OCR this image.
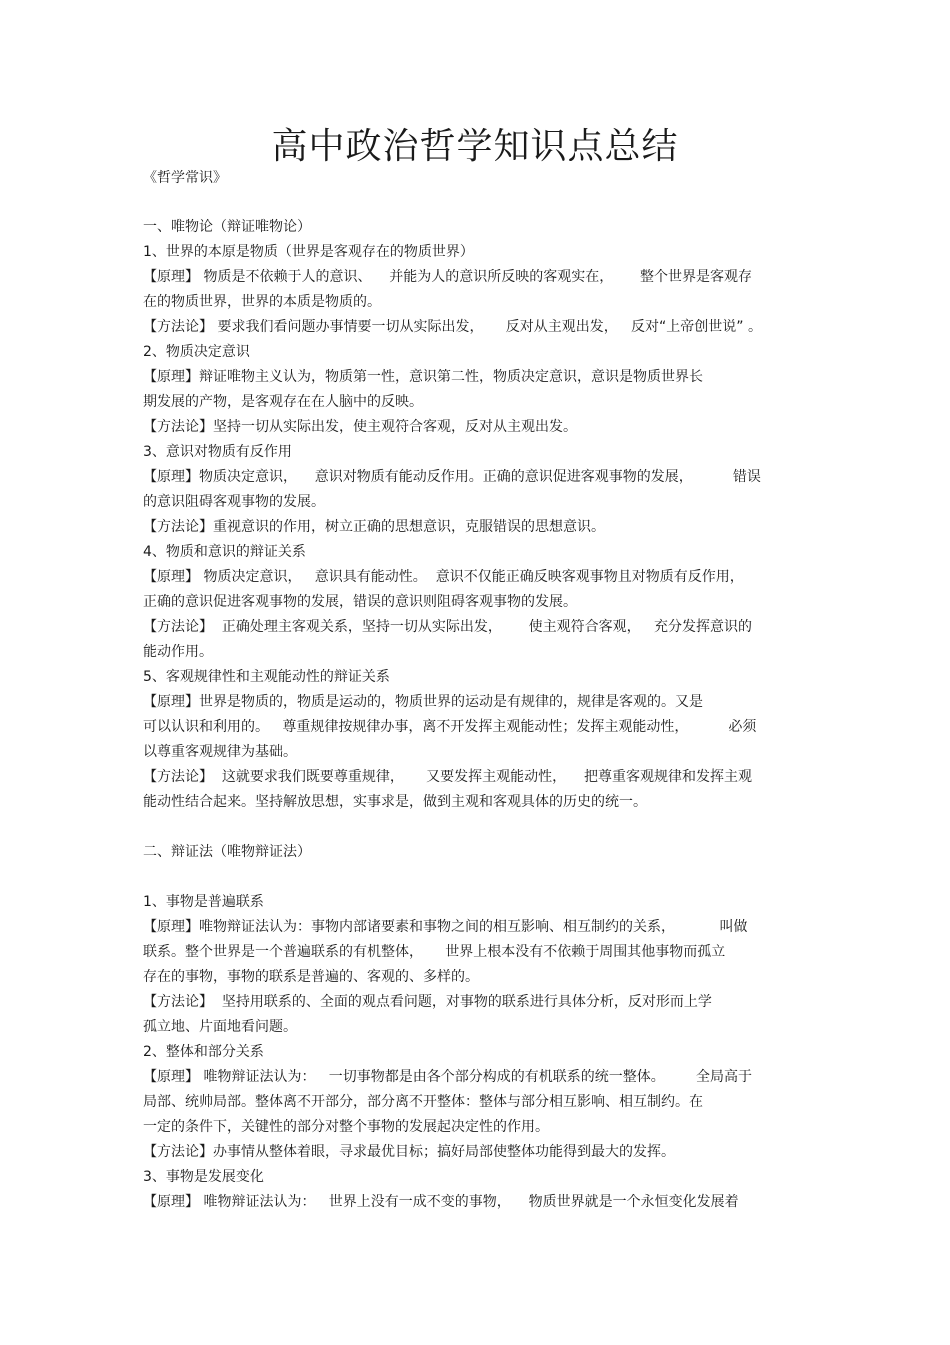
高中政治哲学知识点总结

《哲学常识》

一、唯物论（辩证唯物论）

1、世界的本原是物质（世界是客观存在的物质世界）

【原理】 物质是不依赖于人的意识、    并能为人的意识所反映的客观实在，      整个世界是客观存

在的物质世界，世界的本质是物质的。

【方法论】 要求我们看问题办事情要一切从实际出发，     反对从主观出发，   反对“上帝创世说” 。

2、物质决定意识

【原理】辩证唯物主义认为，物质第一性，意识第二性，物质决定意识，意识是物质世界长

期发展的产物，是客观存在在人脑中的反映。

【方法论】坚持一切从实际出发，使主观符合客观，反对从主观出发。

3、意识对物质有反作用

【原理】物质决定意识，    意识对物质有能动反作用。正确的意识促进客观事物的发展，         错误

的意识阻碍客观事物的发展。

【方法论】重视意识的作用，树立正确的思想意识，克服错误的思想意识。

4、物质和意识的辩证关系

【原理】 物质决定意识，   意识具有能动性。  意识不仅能正确反映客观事物且对物质有反作用，

正确的意识促进客观事物的发展，错误的意识则阻碍客观事物的发展。

【方法论】  正确处理主客观关系，坚持一切从实际出发，      使主观符合客观，   充分发挥意识的

能动作用。

5、客观规律性和主观能动性的辩证关系

【原理】世界是物质的，物质是运动的，物质世界的运动是有规律的，规律是客观的。又是

可以认识和利用的。   尊重规律按规律办事，离不开发挥主观能动性；发挥主观能动性，         必须

以尊重客观规律为基础。

【方法论】  这就要求我们既要尊重规律，     又要发挥主观能动性，    把尊重客观规律和发挥主观

能动性结合起来。坚持解放思想，实事求是，做到主观和客观具体的历史的统一。

二、辩证法（唯物辩证法）

1、事物是普遍联系

【原理】唯物辩证法认为：事物内部诸要素和事物之间的相互影响、相互制约的关系，          叫做

联系。整个世界是一个普遍联系的有机整体，     世界上根本没有不依赖于周围其他事物而孤立

存在的事物，事物的联系是普遍的、客观的、多样的。

【方法论】  坚持用联系的、全面的观点看问题，对事物的联系进行具体分析，反对形而上学

孤立地、片面地看问题。

2、整体和部分关系

【原理】 唯物辩证法认为：   一切事物都是由各个部分构成的有机联系的统一整体。       全局高于

局部、统帅局部。整体离不开部分，部分离不开整体：整体与部分相互影响、相互制约。在

一定的条件下，关键性的部分对整个事物的发展起决定性的作用。

【方法论】办事情从整体着眼，寻求最优目标；搞好局部使整体功能得到最大的发挥。

3、事物是发展变化

【原理】 唯物辩证法认为：   世界上没有一成不变的事物，    物质世界就是一个永恒变化发展着
